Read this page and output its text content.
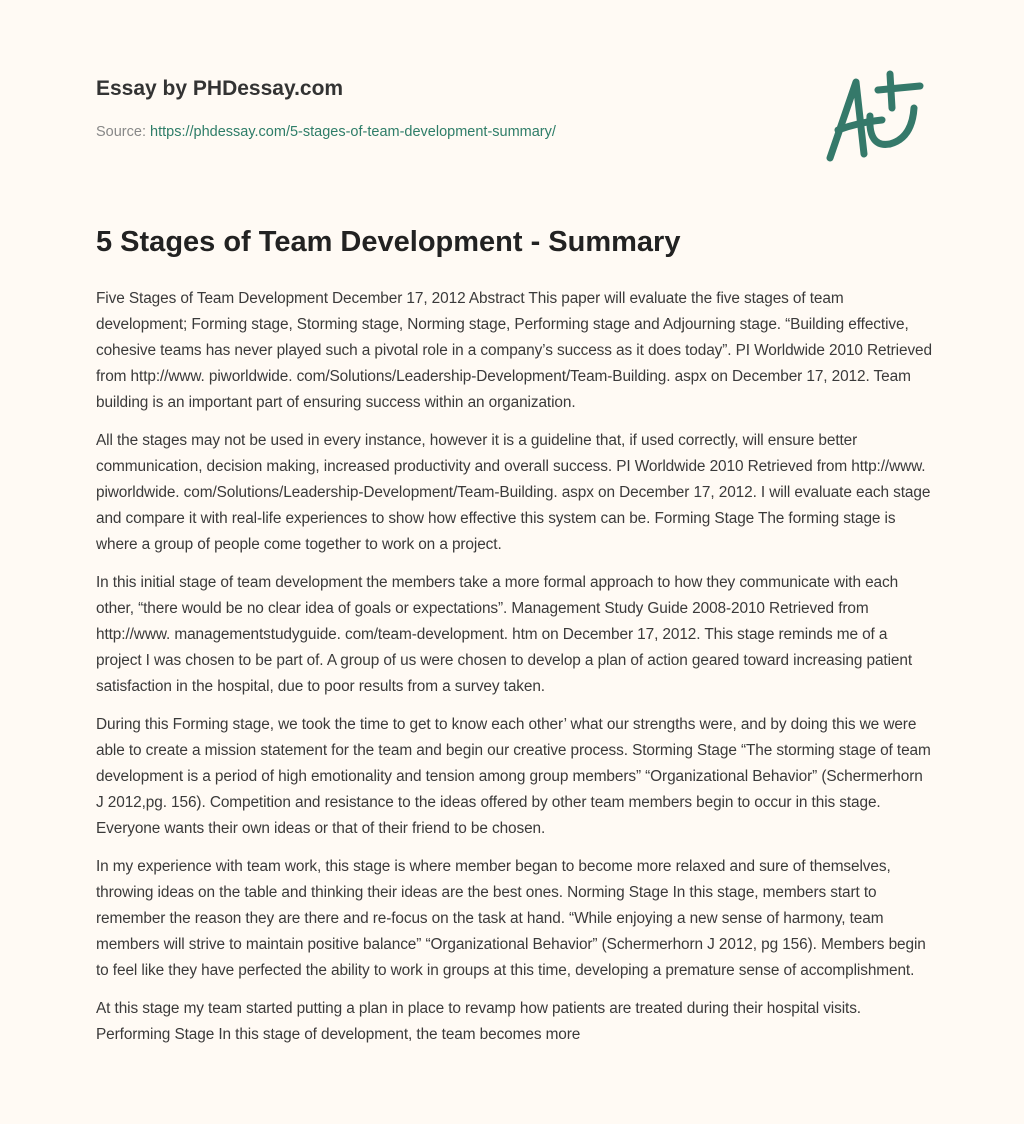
Essay by PHDessay.com
Source: https://phdessay.com/5-stages-of-team-development-summary/
5 Stages of Team Development - Summary

Five Stages of Team Development December 17, 2012 Abstract This paper will evaluate the five stages of team development; Forming stage, Storming stage, Norming stage, Performing stage and Adjourning stage. “Building effective, cohesive teams has never played such a pivotal role in a company’s success as it does today”. PI Worldwide 2010 Retrieved from http://www. piworldwide. com/Solutions/Leadership-Development/Team-Building. aspx on December 17, 2012. Team building is an important part of ensuring success within an organization.

All the stages may not be used in every instance, however it is a guideline that, if used correctly, will ensure better communication, decision making, increased productivity and overall success. PI Worldwide 2010 Retrieved from http://www. piworldwide. com/Solutions/Leadership-Development/Team-Building. aspx on December 17, 2012. I will evaluate each stage and compare it with real-life experiences to show how effective this system can be. Forming Stage The forming stage is where a group of people come together to work on a project.

In this initial stage of team development the members take a more formal approach to how they communicate with each other, “there would be no clear idea of goals or expectations”. Management Study Guide 2008-2010 Retrieved from http://www. managementstudyguide. com/team-development. htm on December 17, 2012. This stage reminds me of a project I was chosen to be part of. A group of us were chosen to develop a plan of action geared toward increasing patient satisfaction in the hospital, due to poor results from a survey taken.

During this Forming stage, we took the time to get to know each other’ what our strengths were, and by doing this we were able to create a mission statement for the team and begin our creative process. Storming Stage “The storming stage of team development is a period of high emotionality and tension among group members” “Organizational Behavior” (Schermerhorn J 2012,pg. 156). Competition and resistance to the ideas offered by other team members begin to occur in this stage. Everyone wants their own ideas or that of their friend to be chosen.

In my experience with team work, this stage is where member began to become more relaxed and sure of themselves, throwing ideas on the table and thinking their ideas are the best ones. Norming Stage In this stage, members start to remember the reason they are there and re-focus on the task at hand. “While enjoying a new sense of harmony, team members will strive to maintain positive balance” “Organizational Behavior” (Schermerhorn J 2012, pg 156). Members begin to feel like they have perfected the ability to work in groups at this time, developing a premature sense of accomplishment.

At this stage my team started putting a plan in place to revamp how patients are treated during their hospital visits. Performing Stage In this stage of development, the team becomes more
